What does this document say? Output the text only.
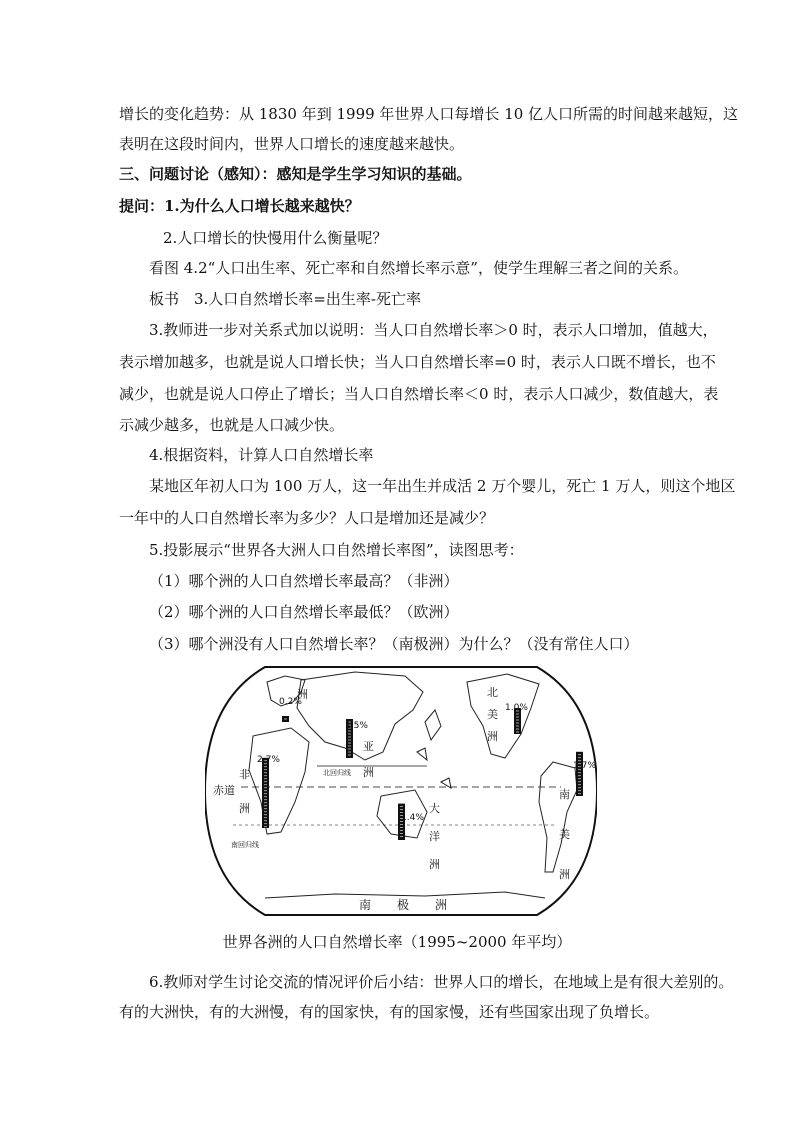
增长的变化趋势：从 1830 年到 1999 年世界人口每增长 10 亿人口所需的时间越来越短，这
表明在这段时间内，世界人口增长的速度越来越快。
三、问题讨论（感知）：感知是学生学习知识的基础。
提问：1.为什么人口增长越来越快？
2.人口增长的快慢用什么衡量呢？
看图 4.2“人口出生率、死亡率和自然增长率示意”，使学生理解三者之间的关系。
板书　3.人口自然增长率=出生率-死亡率
3.教师进一步对关系式加以说明：当人口自然增长率＞0 时，表示人口增加，值越大，
表示增加越多，也就是说人口增长快；当人口自然增长率=0 时，表示人口既不增长，也不
减少，也就是说人口停止了增长；当人口自然增长率＜0 时，表示人口减少，数值越大，表
示减少越多，也就是人口减少快。
4.根据资料，计算人口自然增长率
某地区年初人口为 100 万人，这一年出生并成活 2 万个婴儿，死亡 1 万人，则这个地区
一年中的人口自然增长率为多少？人口是增加还是减少？
5.投影展示“世界各大洲人口自然增长率图”，读图思考：
（1）哪个洲的人口自然增长率最高？（非洲）
（2）哪个洲的人口自然增长率最低？（欧洲）
（3）哪个洲没有人口自然增长率？（南极洲）为什么？（没有常住人口）
北回归线
赤道
南回归线
南 极 洲
0.2%
洲
1.5%
亚
洲
2.7%
非
洲
1.0%
北
美
洲
1.7%
南
美
洲
1.4%
大
洋
洲
世界各洲的人口自然增长率（1995~2000 年平均）
6.教师对学生讨论交流的情况评价后小结：世界人口的增长，在地域上是有很大差别的。
有的大洲快，有的大洲慢，有的国家快，有的国家慢，还有些国家出现了负增长。
